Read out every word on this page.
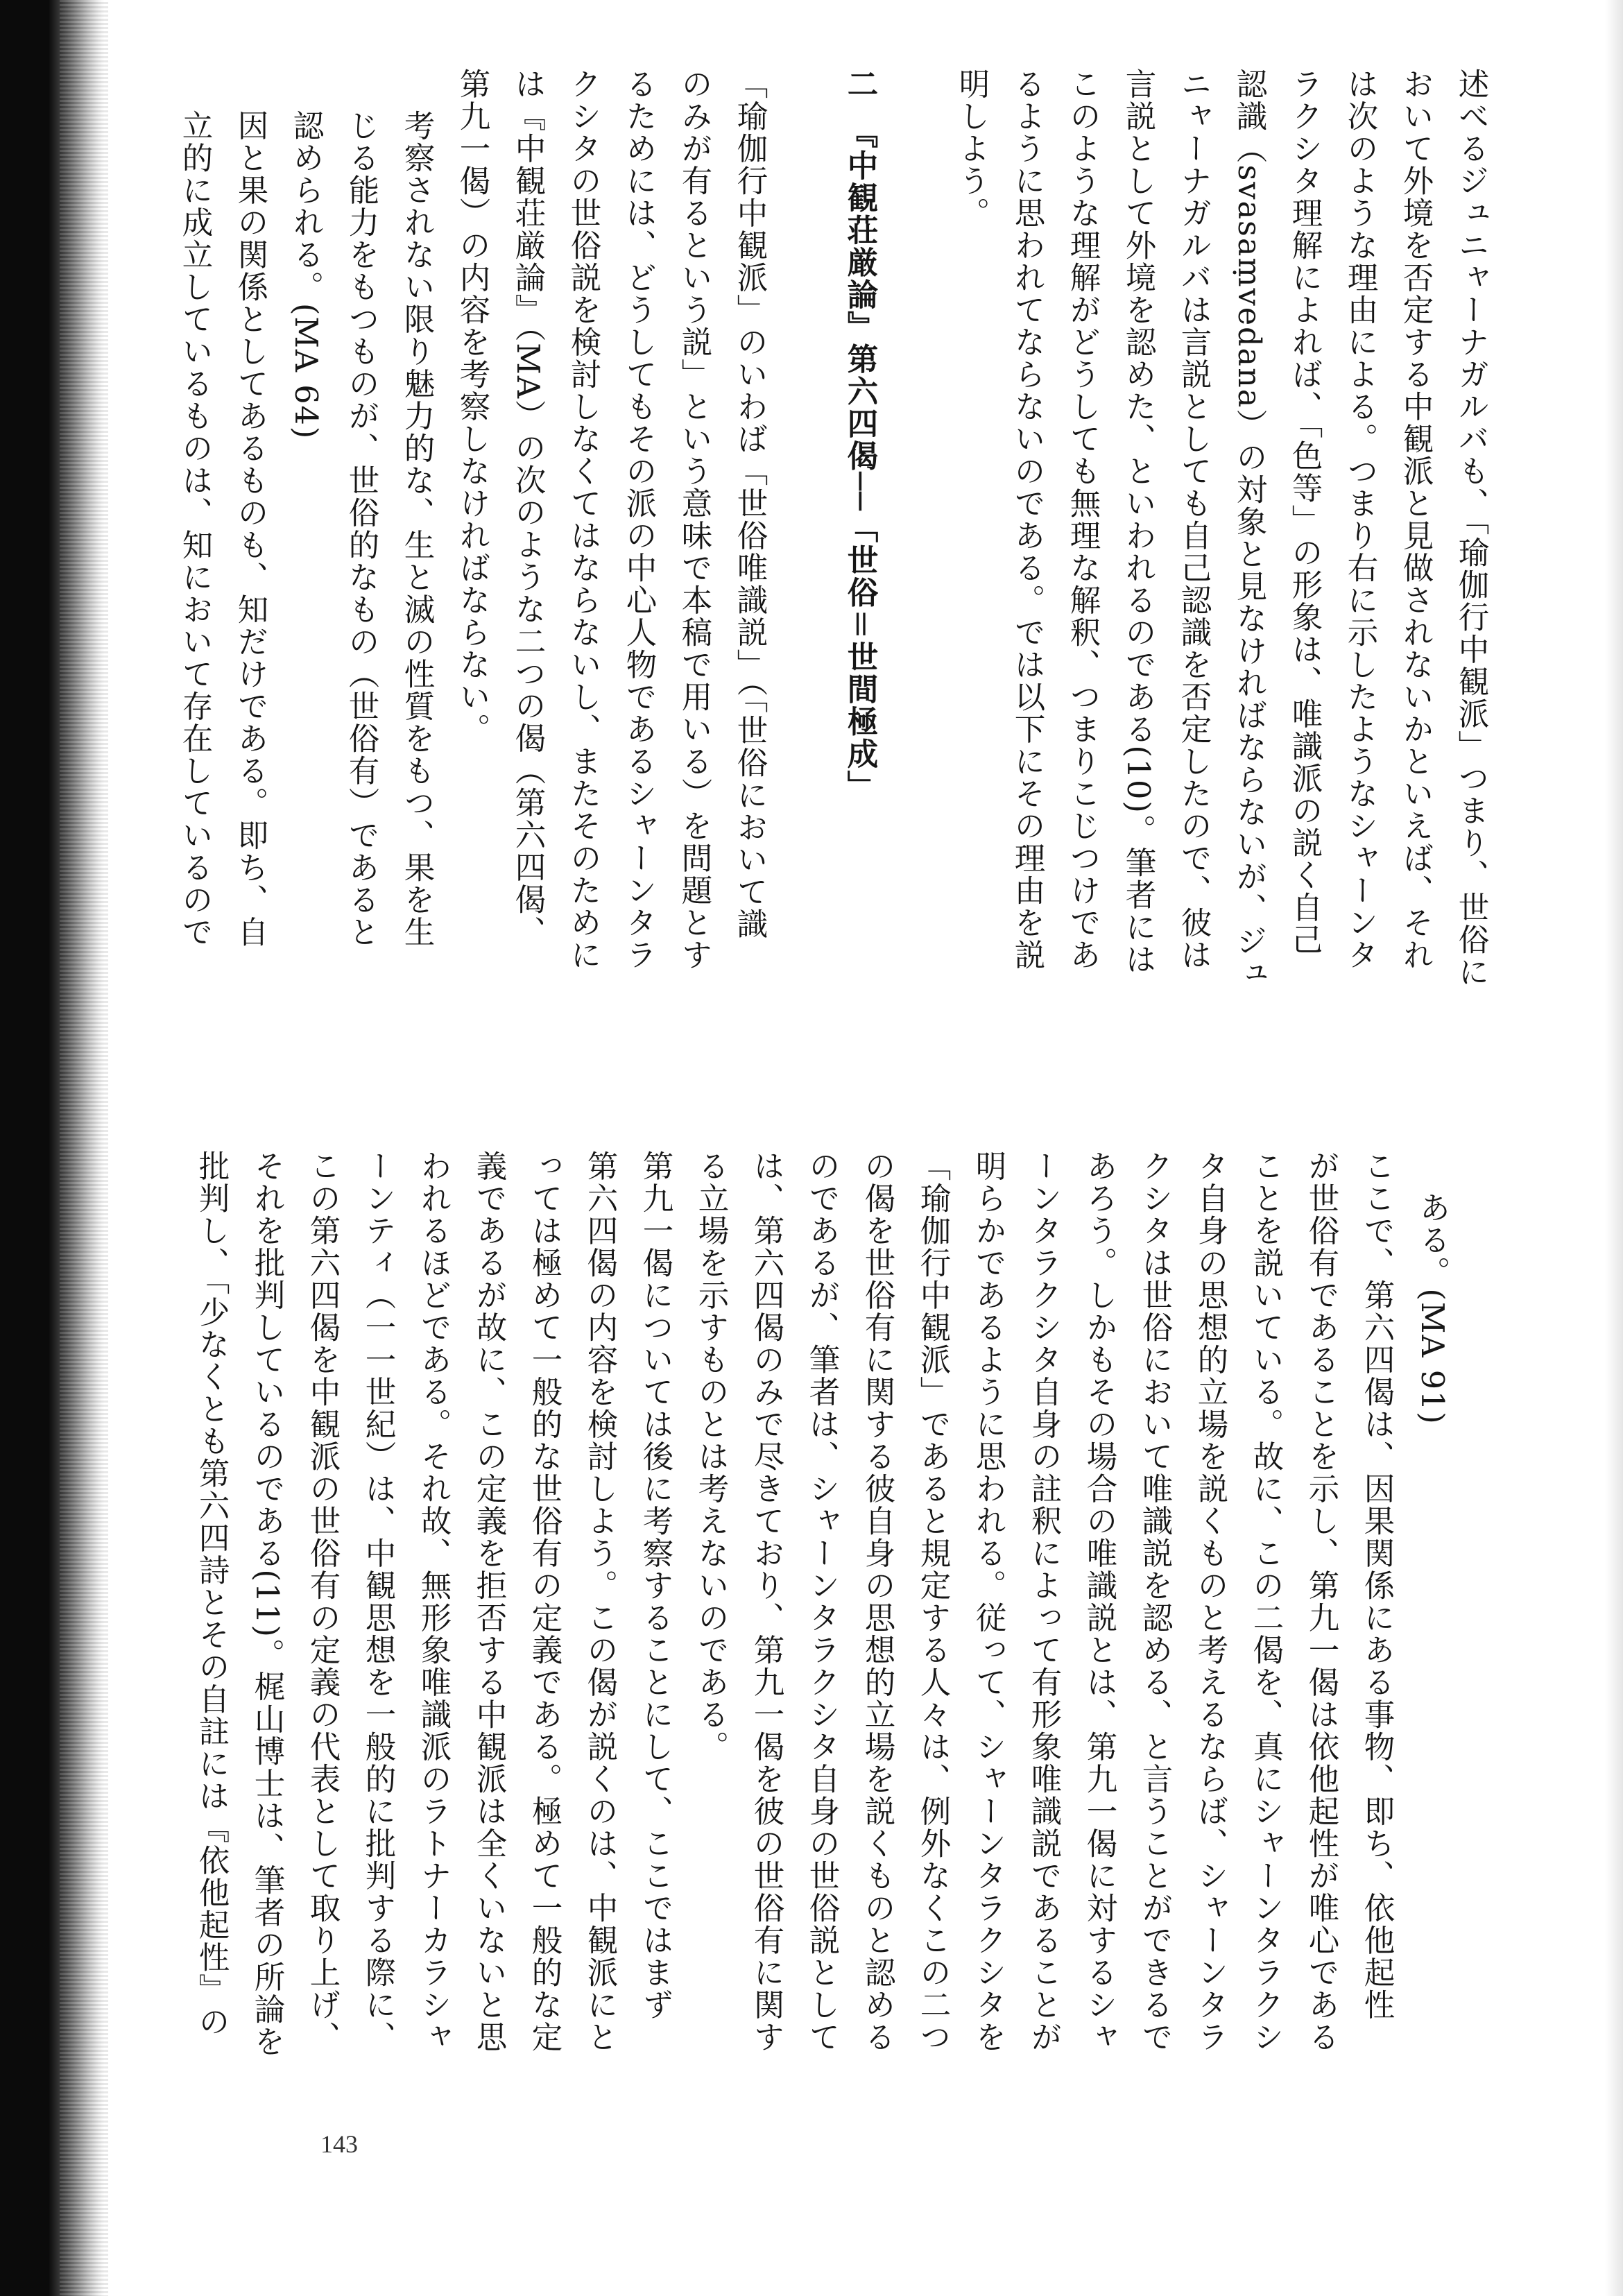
述べるジュニャーナガルバも、「瑜伽行中観派」つまり、世俗に
おいて外境を否定する中観派と見做されないかといえば、それ
は次のような理由による。つまり右に示したようなシャーンタ
ラクシタ理解によれば、「色等」の形象は、唯識派の説く自己
認識（svasaṃvedana）の対象と見なければならないが、ジュ
ニャーナガルバは言説としても自己認識を否定したので、彼は
言説として外境を認めた、といわれるのである(10)。筆者には
このような理解がどうしても無理な解釈、つまりこじつけであ
るように思われてならないのである。では以下にその理由を説
明しよう。
二　『中観荘厳論』第六四偈──「世俗＝世間極成」
「瑜伽行中観派」のいわば「世俗唯識説」（「世俗において識
のみが有るという説」という意味で本稿で用いる）を問題とす
るためには、どうしてもその派の中心人物であるシャーンタラ
クシタの世俗説を検討しなくてはならないし、またそのために
は『中観荘厳論』（MA）の次のような二つの偈（第六四偈、
第九一偈）の内容を考察しなければならない。
考察されない限り魅力的な、生と滅の性質をもつ、果を生
じる能力をもつものが、世俗的なもの（世俗有）であると
認められる。(MA 64)
因と果の関係としてあるものも、知だけである。即ち、自
立的に成立しているものは、知において存在しているので
ある。(MA 91)
ここで、第六四偈は、因果関係にある事物、即ち、依他起性
が世俗有であることを示し、第九一偈は依他起性が唯心である
ことを説いている。故に、この二偈を、真にシャーンタラクシ
タ自身の思想的立場を説くものと考えるならば、シャーンタラ
クシタは世俗において唯識説を認める、と言うことができるで
あろう。しかもその場合の唯識説とは、第九一偈に対するシャ
ーンタラクシタ自身の註釈によって有形象唯識説であることが
明らかであるように思われる。従って、シャーンタラクシタを
「瑜伽行中観派」であると規定する人々は、例外なくこの二つ
の偈を世俗有に関する彼自身の思想的立場を説くものと認める
のであるが、筆者は、シャーンタラクシタ自身の世俗説として
は、第六四偈のみで尽きており、第九一偈を彼の世俗有に関す
る立場を示すものとは考えないのである。
第九一偈については後に考察することにして、ここではまず
第六四偈の内容を検討しよう。この偈が説くのは、中観派にと
っては極めて一般的な世俗有の定義である。極めて一般的な定
義であるが故に、この定義を拒否する中観派は全くいないと思
われるほどである。それ故、無形象唯識派のラトナーカラシャ
ーンティ（一一世紀）は、中観思想を一般的に批判する際に、
この第六四偈を中観派の世俗有の定義の代表として取り上げ、
それを批判しているのである(11)。梶山博士は、筆者の所論を
批判し、「少なくとも第六四詩とその自註には『依他起性』の
143
